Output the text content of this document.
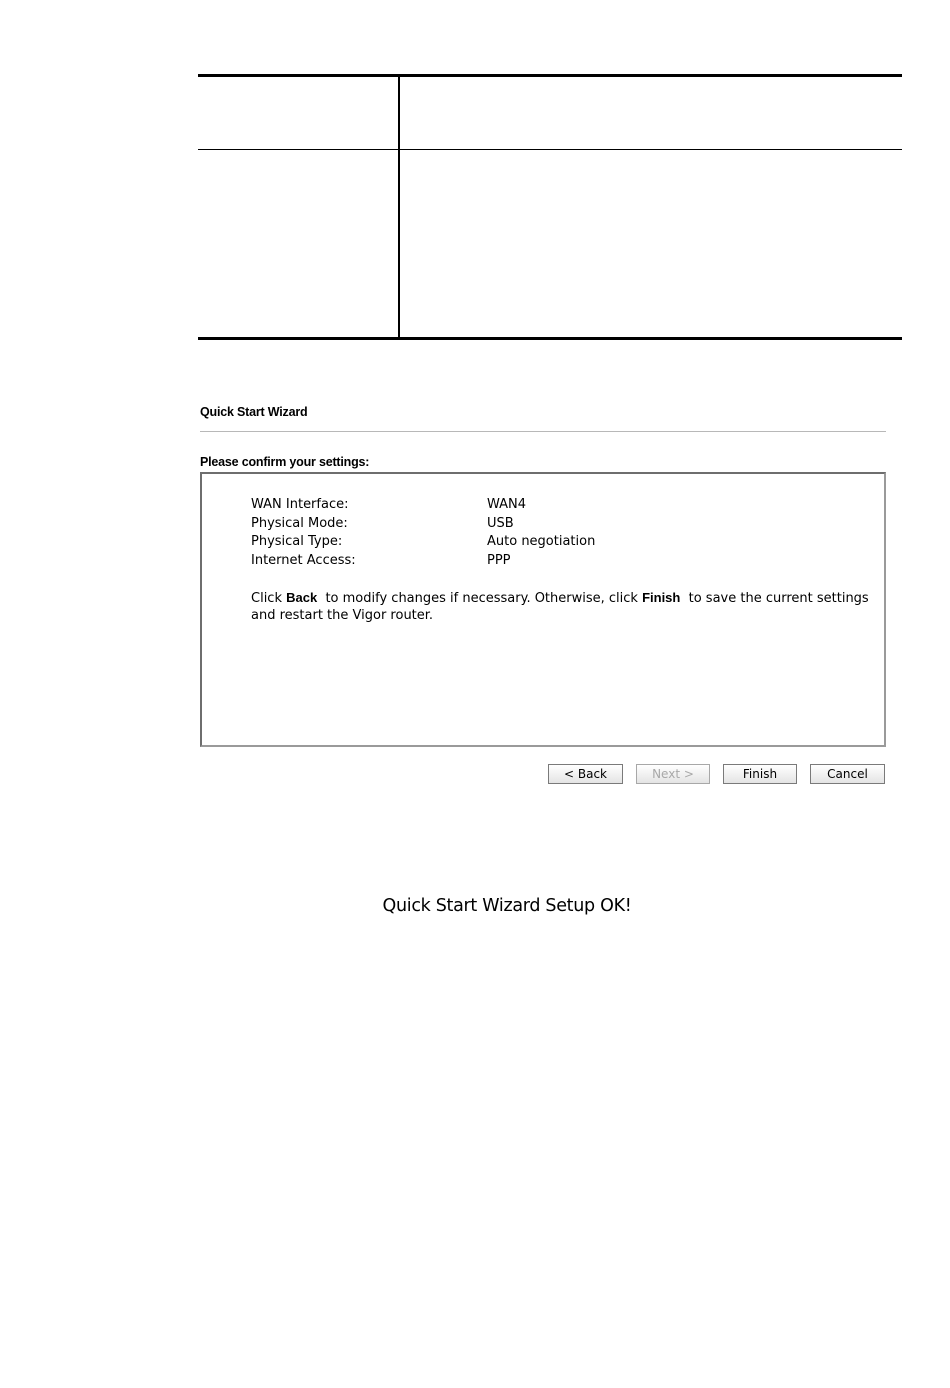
Quick Start Wizard
Please confirm your settings:
WAN Interface:	WAN4
Physical Mode:	USB
Physical Type:	Auto negotiation
Internet Access:	PPP
Click Back  to modify changes if necessary. Otherwise, click Finish  to save the current settings and restart the Vigor router.
< Back	Next >	Finish	Cancel
Quick Start Wizard Setup OK!
